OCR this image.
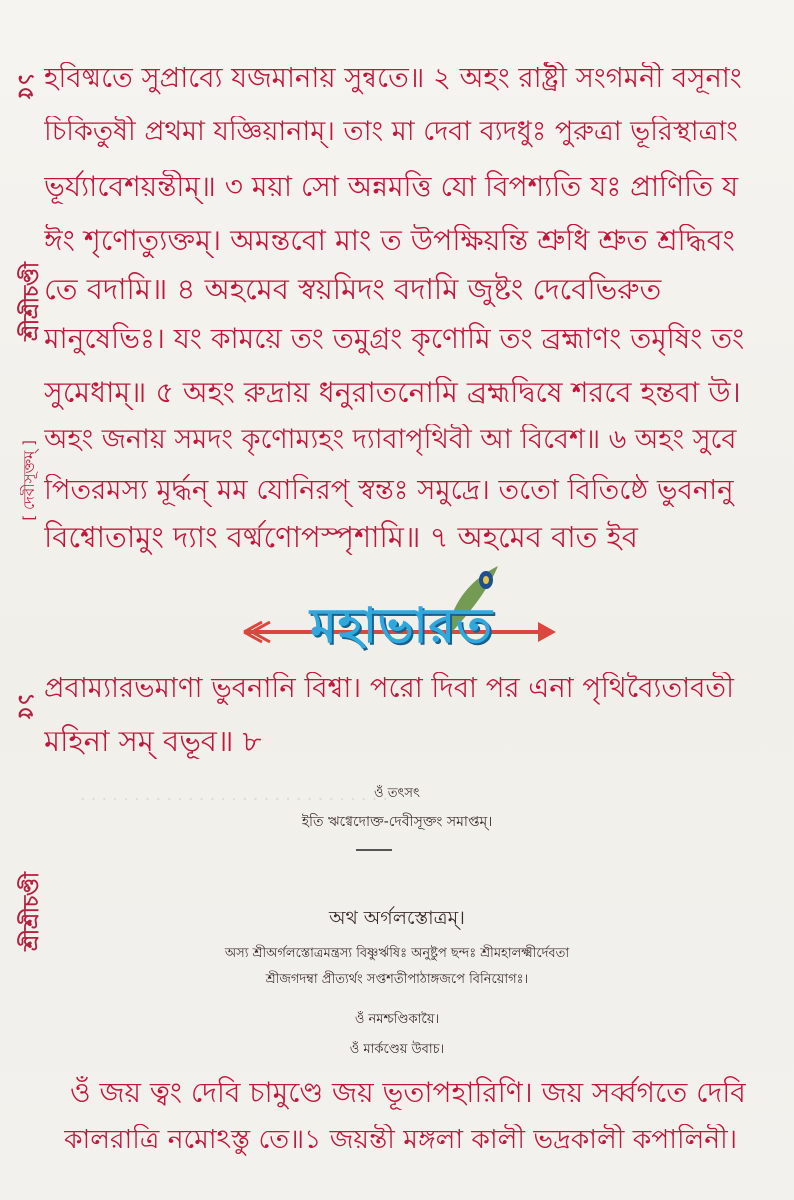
· · · · · · · · · · · · · · · · · · · · · · · · · · · · ·
১৫
শ্রীশ্রীচণ্ডী
[ দেবীসূক্তম্ ]
১৫
শ্রীশ্রীচণ্ডী
হবিষ্মতে সুপ্রাব্যে যজমানায় সুন্বতে॥ ২ অহং রাষ্ট্রী সংগমনী বসূনাং
চিকিতুষী প্রথমা যজ্ঞিয়ানাম্। তাং মা দেবা ব্যদধুঃ পুরুত্রা ভূরিস্থাত্রাং
ভূর্য্যাবেশয়ন্তীম্॥ ৩ ময়া সো অন্নমত্তি যো বিপশ্যতি যঃ প্রাণিতি য
ঈং শৃণোত্যুক্তম্। অমন্তবো মাং ত উপক্ষিয়ন্তি শ্রুধি শ্রুত শ্রদ্ধিবং
তে বদামি॥ ৪ অহমেব স্বয়মিদং বদামি জুষ্টং দেবেভিরুত
মানুষেভিঃ। যং কাময়ে তং তমুগ্রং কৃণোমি তং ব্রহ্মাণং তমৃষিং তং
সুমেধাম্॥ ৫ অহং রুদ্রায় ধনুরাতনোমি ব্রহ্মদ্বিষে শরবে হন্তবা উ।
অহং জনায় সমদং কৃণোম্যহং দ্যাবাপৃথিবী আ বিবেশ॥ ৬ অহং সুবে
পিতরমস্য মূর্দ্ধন্ মম যোনিরপ্ স্বন্তঃ সমুদ্রে। ততো বিতিষ্ঠে ভুবনানু
বিশ্বোতামুং দ্যাং বর্ষ্মণোপস্পৃশামি॥ ৭ অহমেব বাত ইব
মহাভারত
প্রবাম্যারভমাণা ভুবনানি বিশ্বা। পরো দিবা পর এনা পৃথিব্যৈতাবতী
মহিনা সম্ বভূব॥ ৮
ওঁ তৎসৎ
ইতি ঋগ্বেদোক্ত-দেবীসূক্তং সমাপ্তম্।
অথ অর্গলস্তোত্রম্।
অস্য শ্রীঅর্গলস্তোত্রমন্ত্রস্য বিষ্ণুর্ঋষিঃ অনুষ্টুপ ছন্দঃ শ্রীমহালক্ষ্মীর্দেবতা
শ্রীজগদম্বা প্রীত্যর্থং সপ্তশতীপাঠাঙ্গজপে বিনিয়োগঃ।
ওঁ নমশ্চণ্ডিকায়ৈ।
ওঁ মার্কণ্ডেয় উবাচ।
ওঁ জয় ত্বং দেবি চামুণ্ডে জয় ভূতাপহারিণি। জয় সর্ব্বগতে দেবি
কালরাত্রি নমোঽস্তু তে॥১ জয়ন্তী মঙ্গলা কালী ভদ্রকালী কপালিনী।
